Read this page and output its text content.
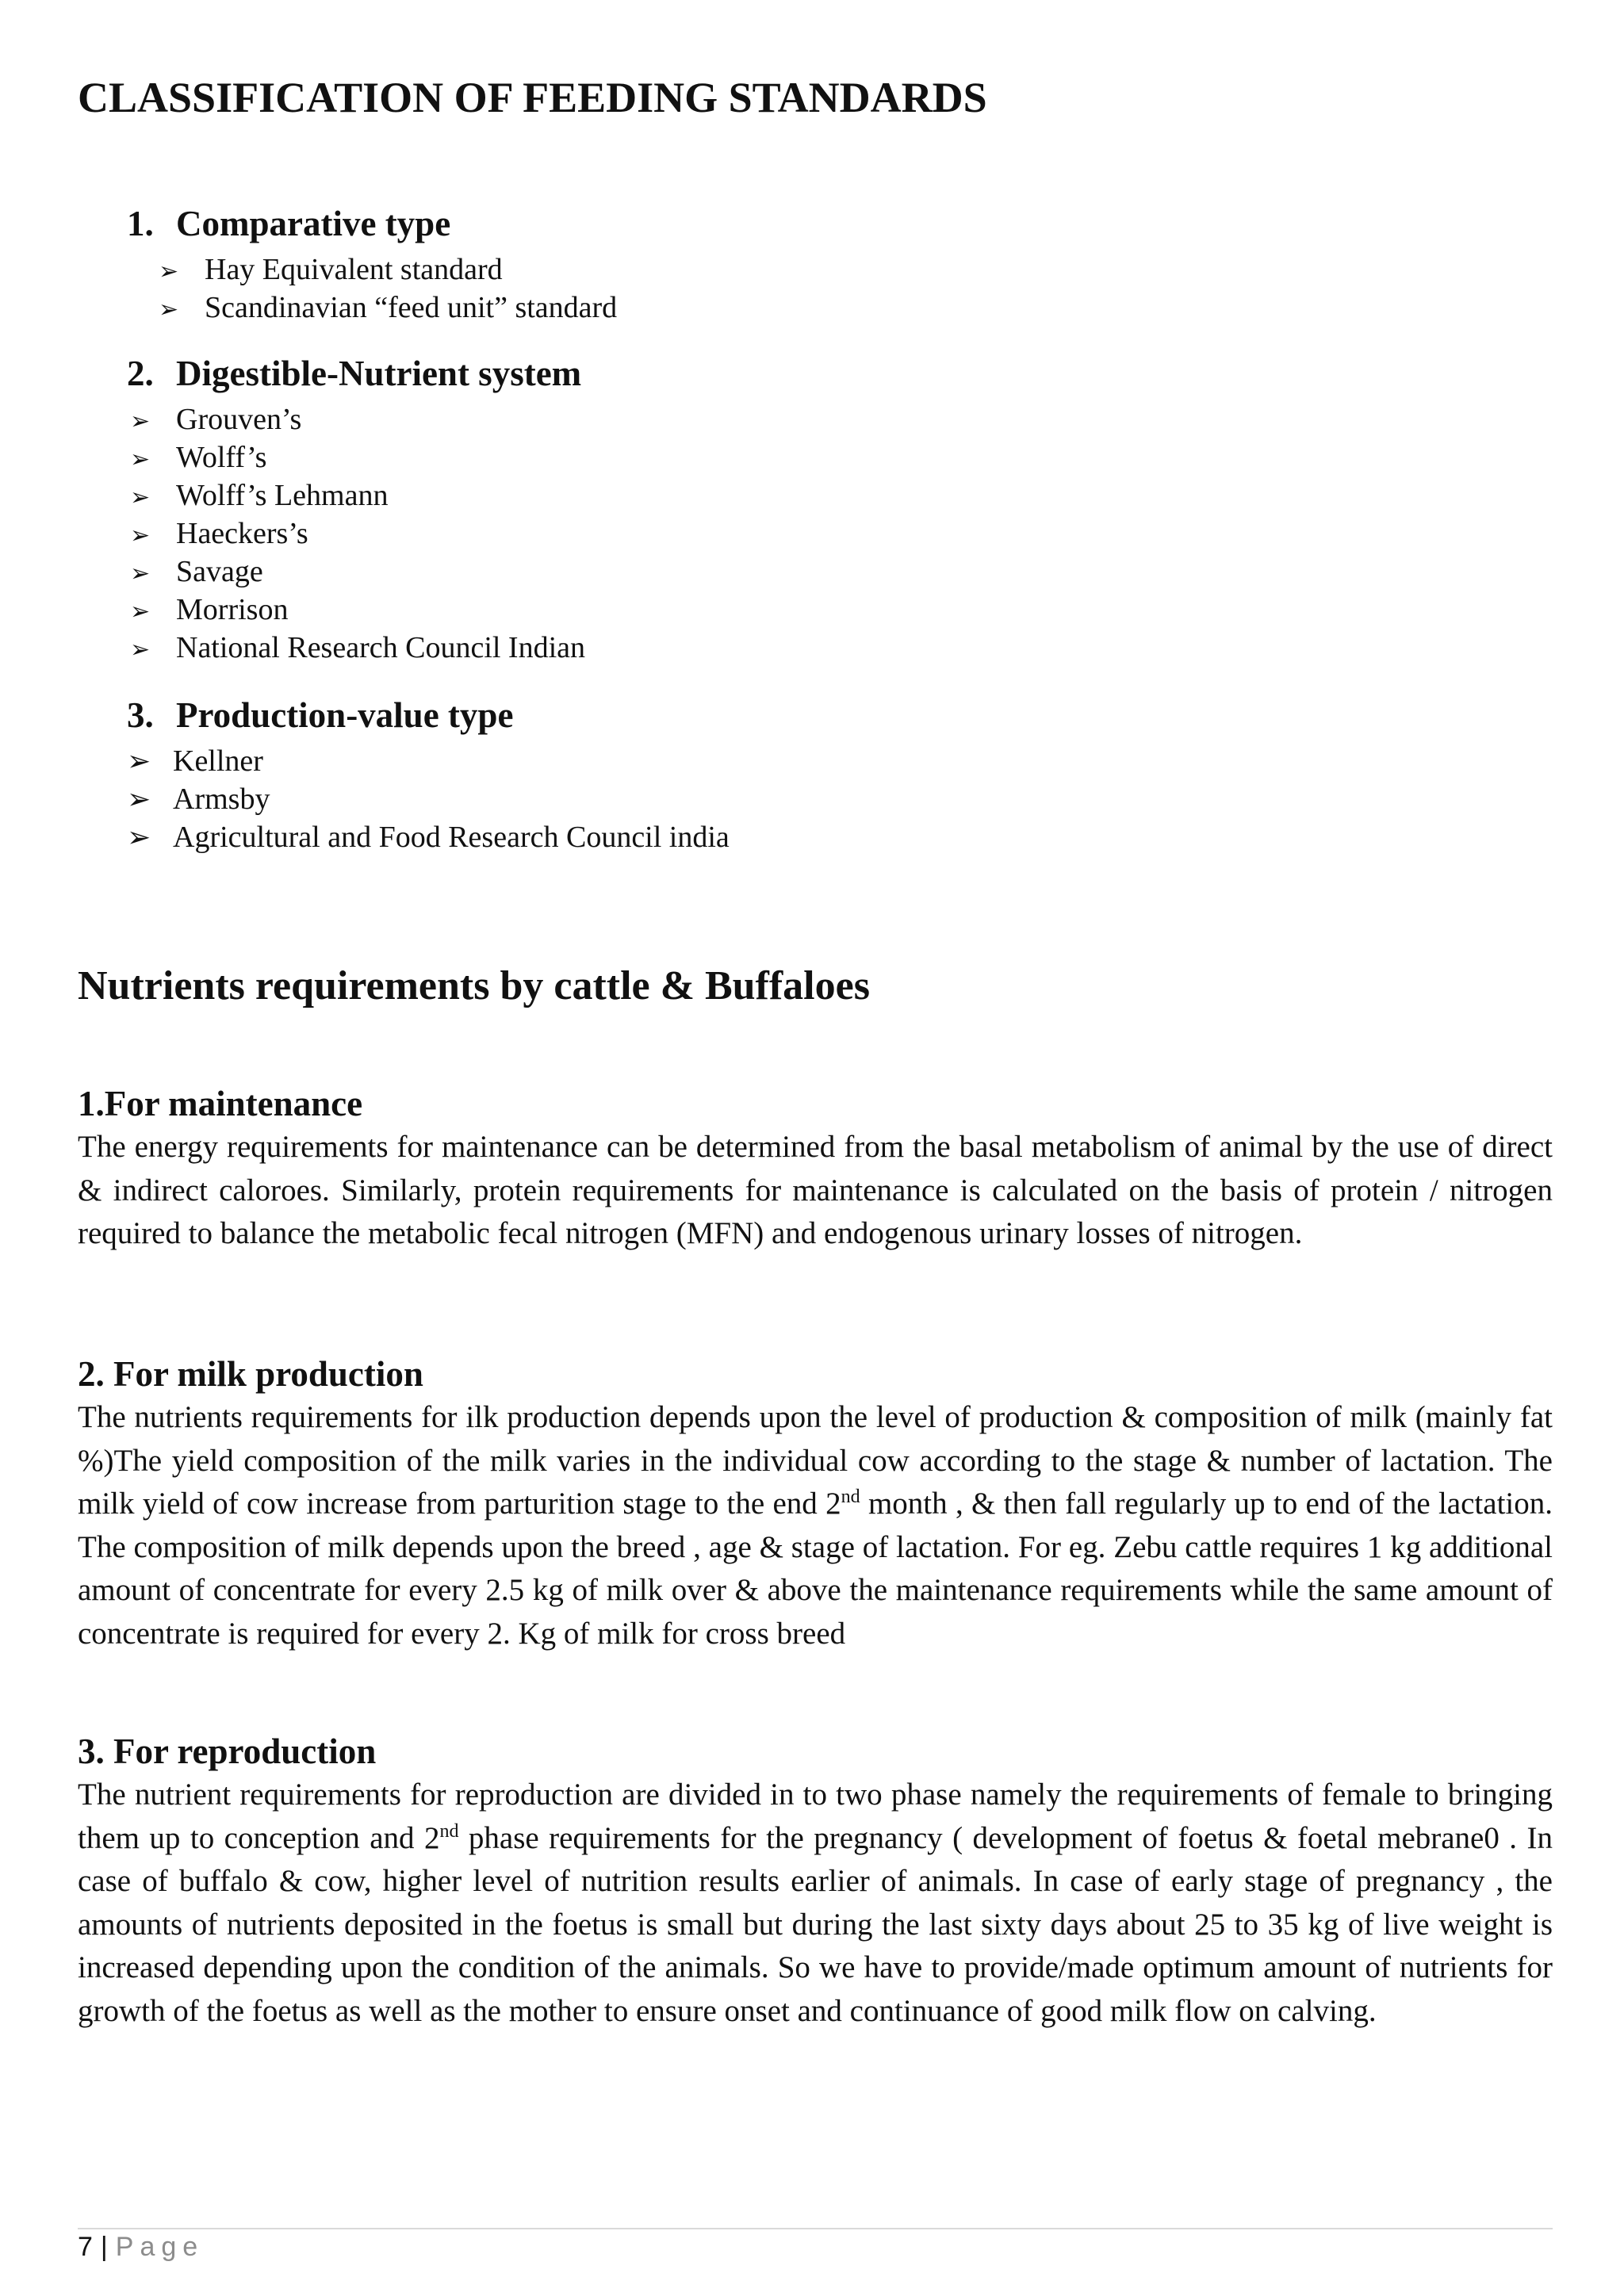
CLASSIFICATION OF FEEDING STANDARDS
1. Comparative type
➢ Hay Equivalent standard
➢ Scandinavian “feed unit” standard
2. Digestible-Nutrient system
➢ Grouven’s
➢ Wolff’s
➢ Wolff’s Lehmann
➢ Haeckers’s
➢ Savage
➢ Morrison
➢ National Research Council Indian
3. Production-value type
➢ Kellner
➢ Armsby
➢ Agricultural and Food Research Council india
Nutrients requirements by cattle & Buffaloes
1.For maintenance

The energy requirements for maintenance can be determined from the basal metabolism of animal by the use of direct & indirect caloroes. Similarly, protein requirements for maintenance is calculated on the basis of protein / nitrogen required to balance the metabolic fecal nitrogen (MFN) and endogenous urinary losses of nitrogen.

2. For milk production

The nutrients requirements for ilk production depends upon the level of production & composition of milk (mainly fat %)The yield composition of the milk varies in the individual cow according to the stage & number of lactation. The milk yield of cow increase from parturition stage to the end 2nd month , & then fall regularly up to end of the lactation. The composition of milk depends upon the breed , age & stage of lactation. For eg. Zebu cattle requires 1 kg additional amount of concentrate for every 2.5 kg of milk over & above the maintenance requirements while the same amount of concentrate is required for every 2. Kg of milk for cross breed

3. For reproduction

The nutrient requirements for reproduction are divided in to two phase namely the requirements of female to bringing them up to conception and 2nd phase requirements for the pregnancy ( development of foetus & foetal mebrane0 . In case of buffalo & cow, higher level of nutrition results earlier of animals. In case of early stage of pregnancy , the amounts of nutrients deposited in the foetus is small but during the last sixty days about 25 to 35 kg of live weight is increased depending upon the condition of the animals. So we have to provide/made optimum amount of nutrients for growth of the foetus as well as the mother to ensure onset and continuance of good milk flow on calving.

7 | Page
